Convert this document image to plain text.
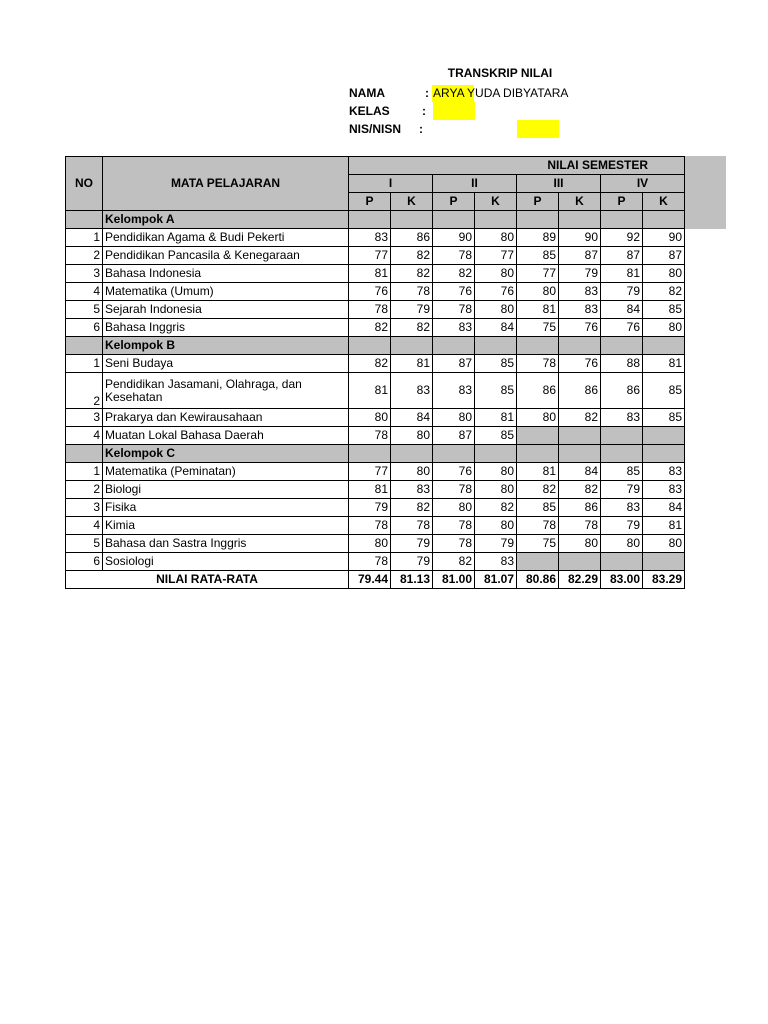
TRANSKRIP NILAI
NAMA	: ARYA YUDA DIBYATARA
KELAS	:
NIS/NISN :
NO	MATA PELAJARAN	NILAI SEMESTER							
		I		II		III		IV	
		P	K	P	K	P	K	P	K
	Kelompok A								
1	Pendidikan Agama & Budi Pekerti	83	86	90	80	89	90	92	90
2	Pendidikan Pancasila & Kenegaraan	77	82	78	77	85	87	87	87
3	Bahasa Indonesia	81	82	82	80	77	79	81	80
4	Matematika (Umum)	76	78	76	76	80	83	79	82
5	Sejarah Indonesia	78	79	78	80	81	83	84	85
6	Bahasa Inggris	82	82	83	84	75	76	76	80
	Kelompok B								
1	Seni Budaya	82	81	87	85	78	76	88	81
2	Pendidikan Jasamani, Olahraga, dan Kesehatan	81	83	83	85	86	86	86	85
3	Prakarya dan Kewirausahaan	80	84	80	81	80	82	83	85
4	Muatan Lokal Bahasa Daerah	78	80	87	85				
	Kelompok C								
1	Matematika (Peminatan)	77	80	76	80	81	84	85	83
2	Biologi	81	83	78	80	82	82	79	83
3	Fisika	79	82	80	82	85	86	83	84
4	Kimia	78	78	78	80	78	78	79	81
5	Bahasa dan Sastra Inggris	80	79	78	79	75	80	80	80
6	Sosiologi	78	79	82	83				
NILAI RATA-RATA		79.44	81.13	81.00	81.07	80.86	82.29	83.00	83.29
